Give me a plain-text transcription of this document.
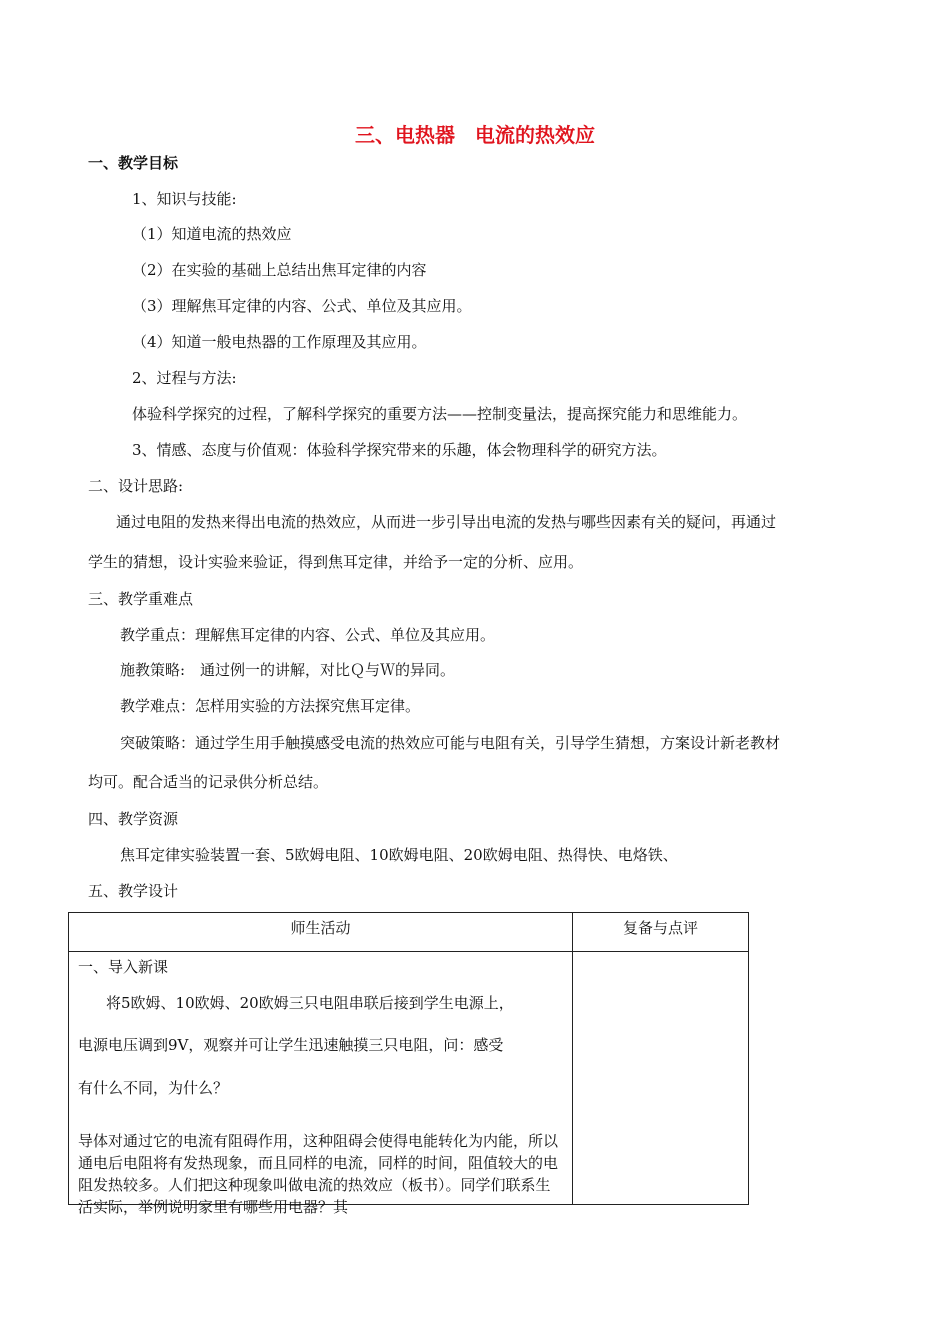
三、电热器　电流的热效应
一、教学目标
1、知识与技能:
（1）知道电流的热效应
（2）在实验的基础上总结出焦耳定律的内容
（3）理解焦耳定律的内容、公式、单位及其应用。
（4）知道一般电热器的工作原理及其应用。
2、过程与方法:
体验科学探究的过程，了解科学探究的重要方法——控制变量法，提高探究能力和思维能力。
3、情感、态度与价值观：体验科学探究带来的乐趣，体会物理科学的研究方法。
二、设计思路:
通过电阻的发热来得出电流的热效应，从而进一步引导出电流的发热与哪些因素有关的疑问，再通过
学生的猜想，设计实验来验证，得到焦耳定律，并给予一定的分析、应用。
三、教学重难点
教学重点：理解焦耳定律的内容、公式、单位及其应用。
施教策略:　通过例一的讲解，对比Ｑ与Ｗ的异同。
教学难点：怎样用实验的方法探究焦耳定律。
突破策略：通过学生用手触摸感受电流的热效应可能与电阻有关，引导学生猜想，方案设计新老教材
均可。配合适当的记录供分析总结。
四、教学资源
焦耳定律实验装置一套、5欧姆电阻、10欧姆电阻、20欧姆电阻、热得快、电烙铁、
五、教学设计
师生活动	复备与点评

一、导入新课
将5欧姆、10欧姆、20欧姆三只电阻串联后接到学生电源上，
电源电压调到9V，观察并可让学生迅速触摸三只电阻，问：感受
有什么不同，为什么？
导体对通过它的电流有阻碍作用，这种阻碍会使得电能转化为内能，所以通电后电阻将有发热现象，而且同样的电流，同样的时间，阻值较大的电阻发热较多。人们把这种现象叫做电流的热效应（板书）。同学们联系生活实际，举例说明家里有哪些用电器？其	
